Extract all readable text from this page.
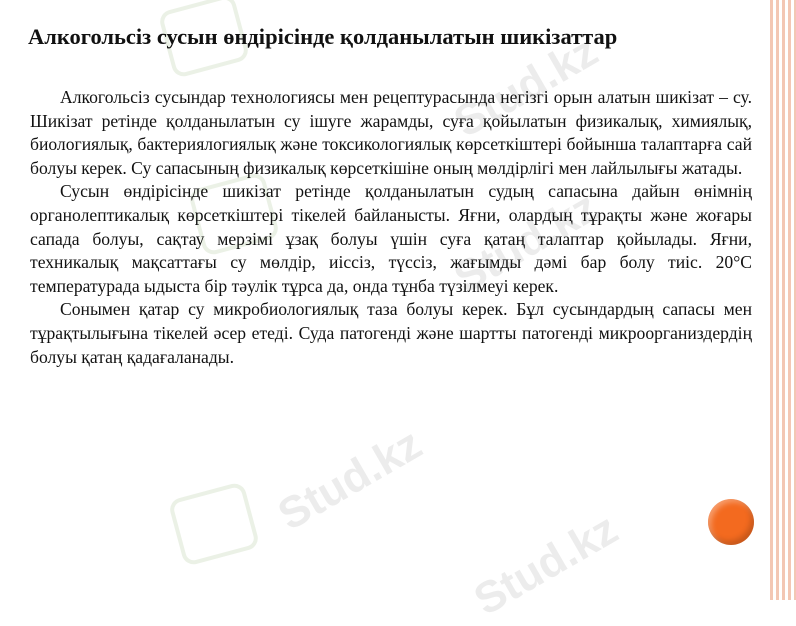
Stud.kz
Stud.kz
Stud.kz
Stud.kz
Алкогольсіз сусын өндірісінде қолданылатын шикізаттар

Алкогольсіз сусындар технологиясы мен рецептурасында негізгі орын алатын шикізат – су. Шикізат ретінде қолданылатын су ішуге жарамды, суға қойылатын физикалық, химиялық, биологиялық, бактериялогиялық және токсикологиялық көрсеткіштері бойынша талаптарға сай болуы керек. Су сапасының физикалық көрсеткішіне оның мөлдірлігі мен лайлылығы жатады.

Сусын өндірісінде шикізат ретінде қолданылатын судың сапасына дайын өнімнің органолептикалық көрсеткіштері тікелей байланысты. Яғни, олардың тұрақты және жоғары сапада болуы, сақтау мерзімі ұзақ болуы үшін суға қатаң талаптар қойылады. Яғни, техникалық мақсаттағы су мөлдір, иіссіз, түссіз, жағымды дәмі бар болу тиіс. 20°С температурада ыдыста бір тәулік тұрса да, онда тұнба түзілмеуі керек.

Сонымен қатар су микробиологиялық таза болуы керек. Бұл сусындардың сапасы мен тұрақтылығына тікелей әсер етеді. Суда патогенді және шартты патогенді микроорганиздердің болуы қатаң қадағаланады.
